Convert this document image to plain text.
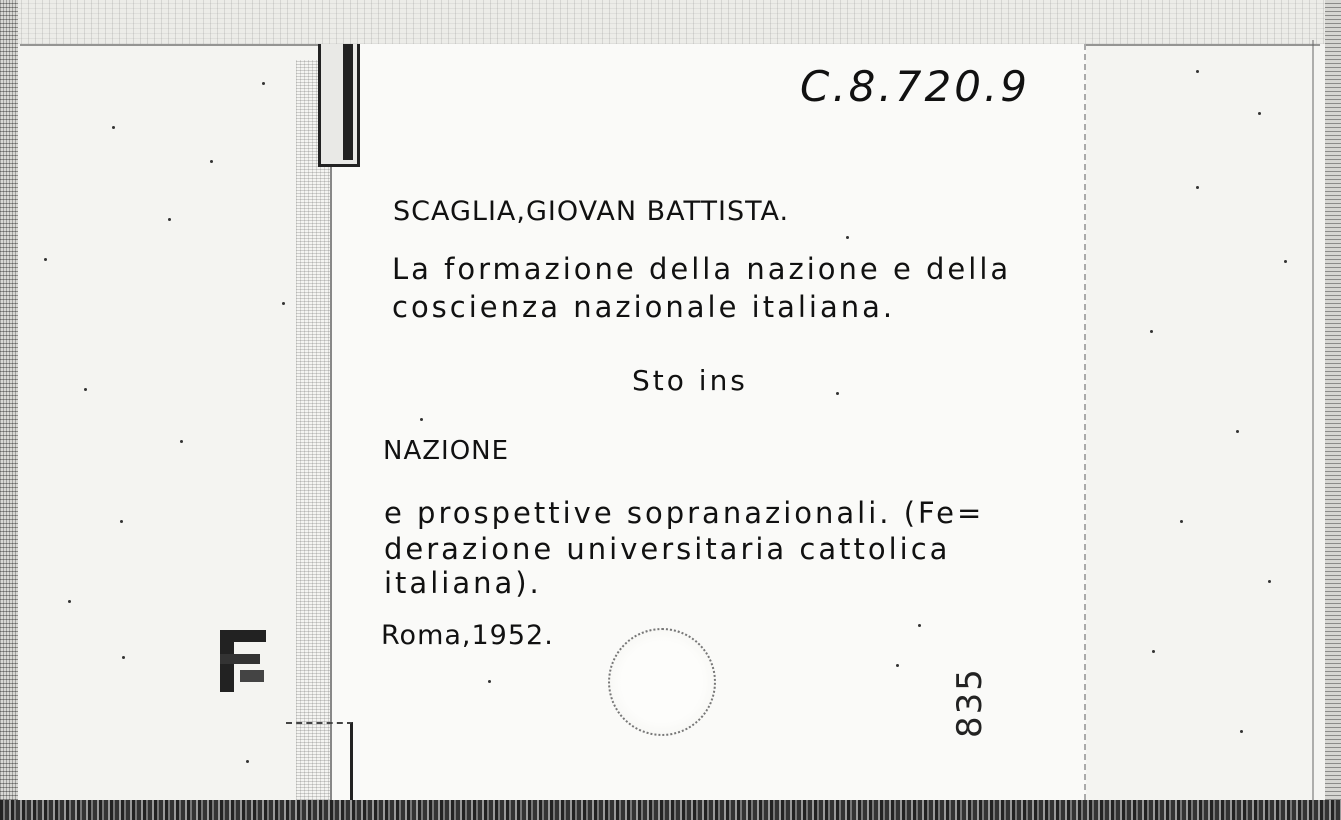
C.8.720.9
SCAGLIA,GIOVAN BATTISTA.
La formazione della nazione e della
coscienza nazionale italiana.
Sto ins
NAZIONE
e prospettive sopranazionali. (Fe=
derazione universitaria cattolica
italiana).
Roma,1952.
835
